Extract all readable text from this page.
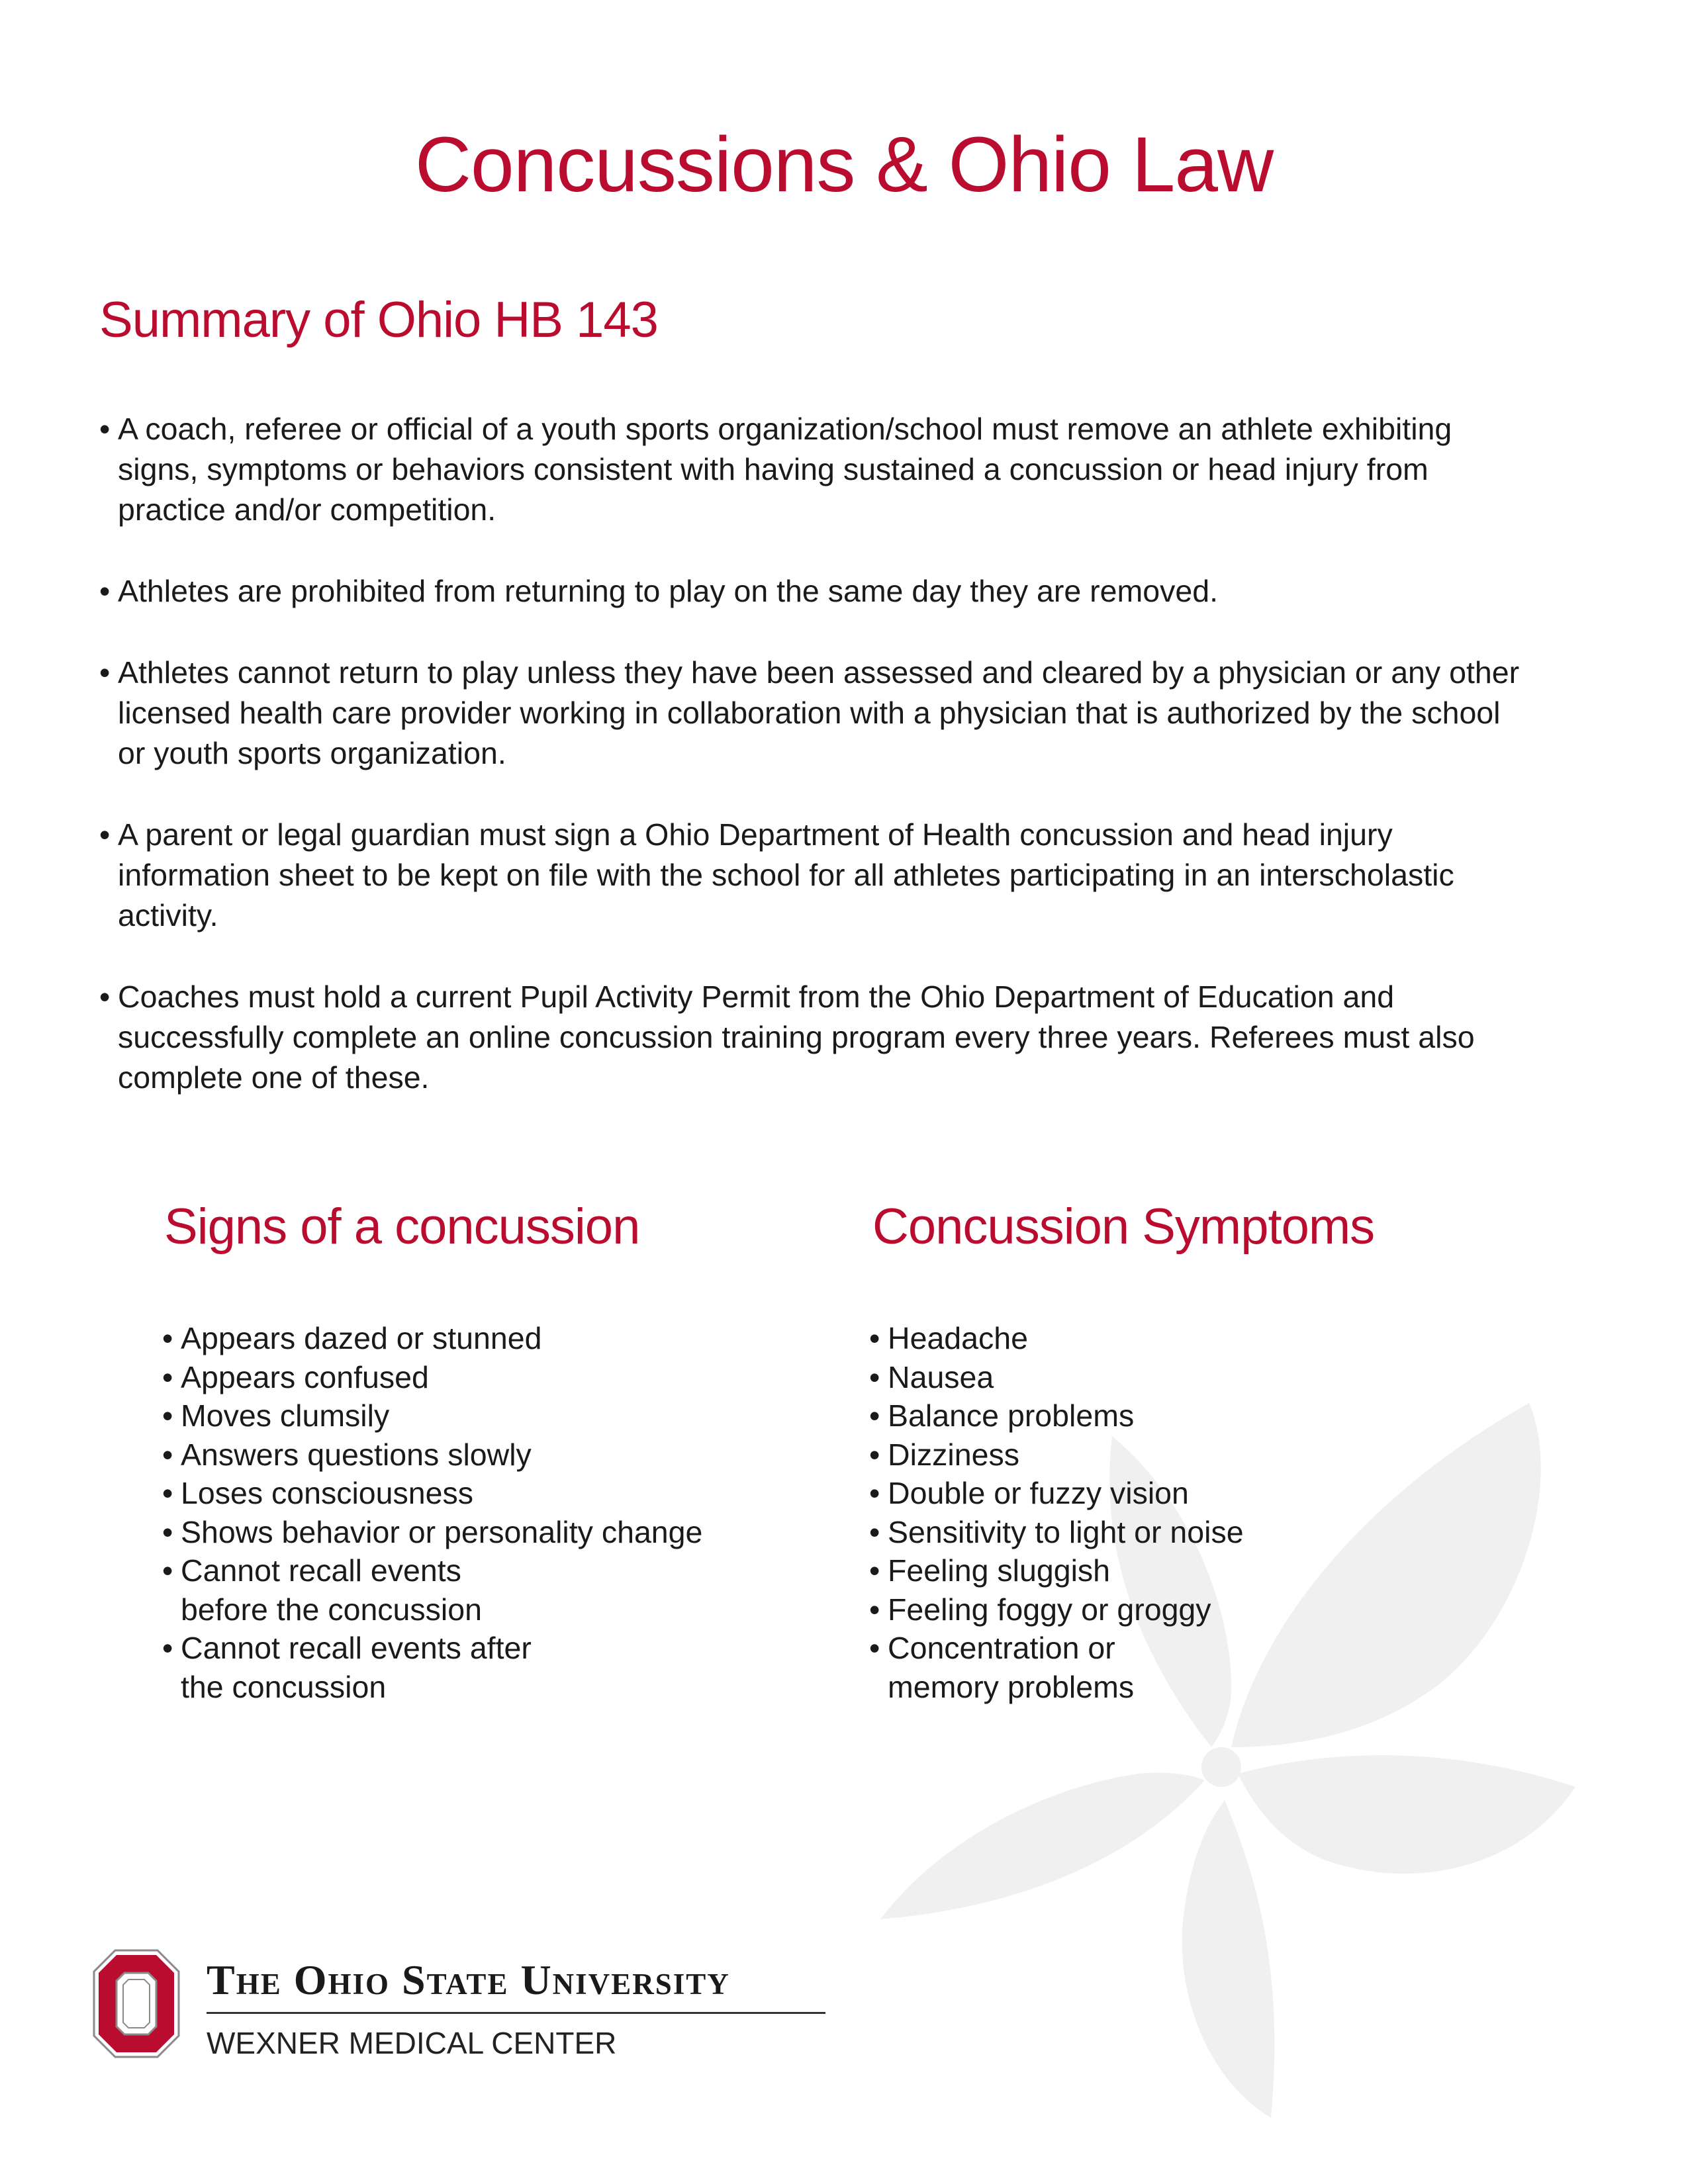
Concussions & Ohio Law
Summary of Ohio HB 143
• A coach, referee or official of a youth sports organization/school must remove an athlete exhibiting
signs, symptoms or behaviors consistent with having sustained a concussion or head injury from
practice and/or competition.
• Athletes are prohibited from returning to play on the same day they are removed.
• Athletes cannot return to play unless they have been assessed and cleared by a physician or any other
licensed health care provider working in collaboration with a physician that is authorized by the school
or youth sports organization.
• A parent or legal guardian must sign a Ohio Department of Health concussion and head injury
information sheet to be kept on file with the school for all athletes participating in an interscholastic
activity.
• Coaches must hold a current Pupil Activity Permit from the Ohio Department of Education and
successfully complete an online concussion training program every three years. Referees must also
complete one of these.
Signs of a concussion	Concussion Symptoms
• Appears dazed or stunned
• Appears confused
• Moves clumsily
• Answers questions slowly
• Loses consciousness
• Shows behavior or personality change
• Cannot recall events
before the concussion
• Cannot recall events after
the concussion
• Headache
• Nausea
• Balance problems
• Dizziness
• Double or fuzzy vision
• Sensitivity to light or noise
• Feeling sluggish
• Feeling foggy or groggy
• Concentration or
memory problems
The Ohio State University
WEXNER MEDICAL CENTER
